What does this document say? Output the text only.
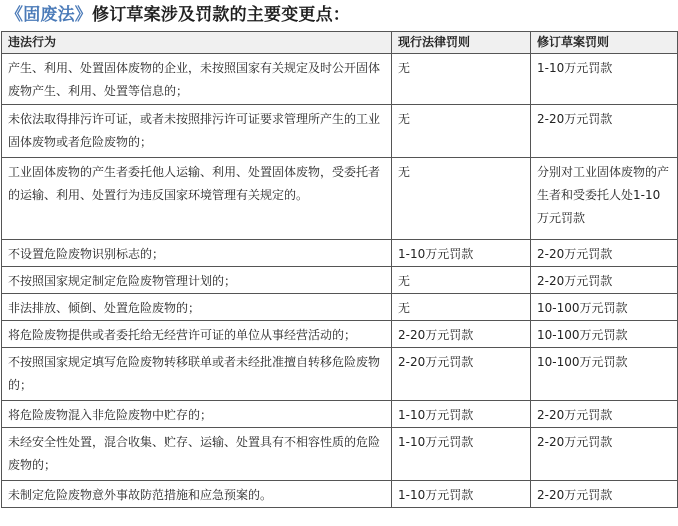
《固废法》修订草案涉及罚款的主要变更点：
违法行为	现行法律罚则	修订草案罚则
产生、利用、处置固体废物的企业，未按照国家有关规定及时公开固体废物产生、利用、处置等信息的；	无	1-10万元罚款
未依法取得排污许可证，或者未按照排污许可证要求管理所产生的工业固体废物或者危险废物的；	无	2-20万元罚款
工业固体废物的产生者委托他人运输、利用、处置固体废物，受委托者的运输、利用、处置行为违反国家环境管理有关规定的。	无	分别对工业固体废物的产生者和受委托人处1-10万元罚款
不设置危险废物识别标志的；	1-10万元罚款	2-20万元罚款
不按照国家规定制定危险废物管理计划的；	无	2-20万元罚款
非法排放、倾倒、处置危险废物的；	无	10-100万元罚款
将危险废物提供或者委托给无经营许可证的单位从事经营活动的；	2-20万元罚款	10-100万元罚款
不按照国家规定填写危险废物转移联单或者未经批准擅自转移危险废物的；	2-20万元罚款	10-100万元罚款
将危险废物混入非危险废物中贮存的；	1-10万元罚款	2-20万元罚款
未经安全性处置，混合收集、贮存、运输、处置具有不相容性质的危险废物的；	1-10万元罚款	2-20万元罚款
未制定危险废物意外事故防范措施和应急预案的。	1-10万元罚款	2-20万元罚款
